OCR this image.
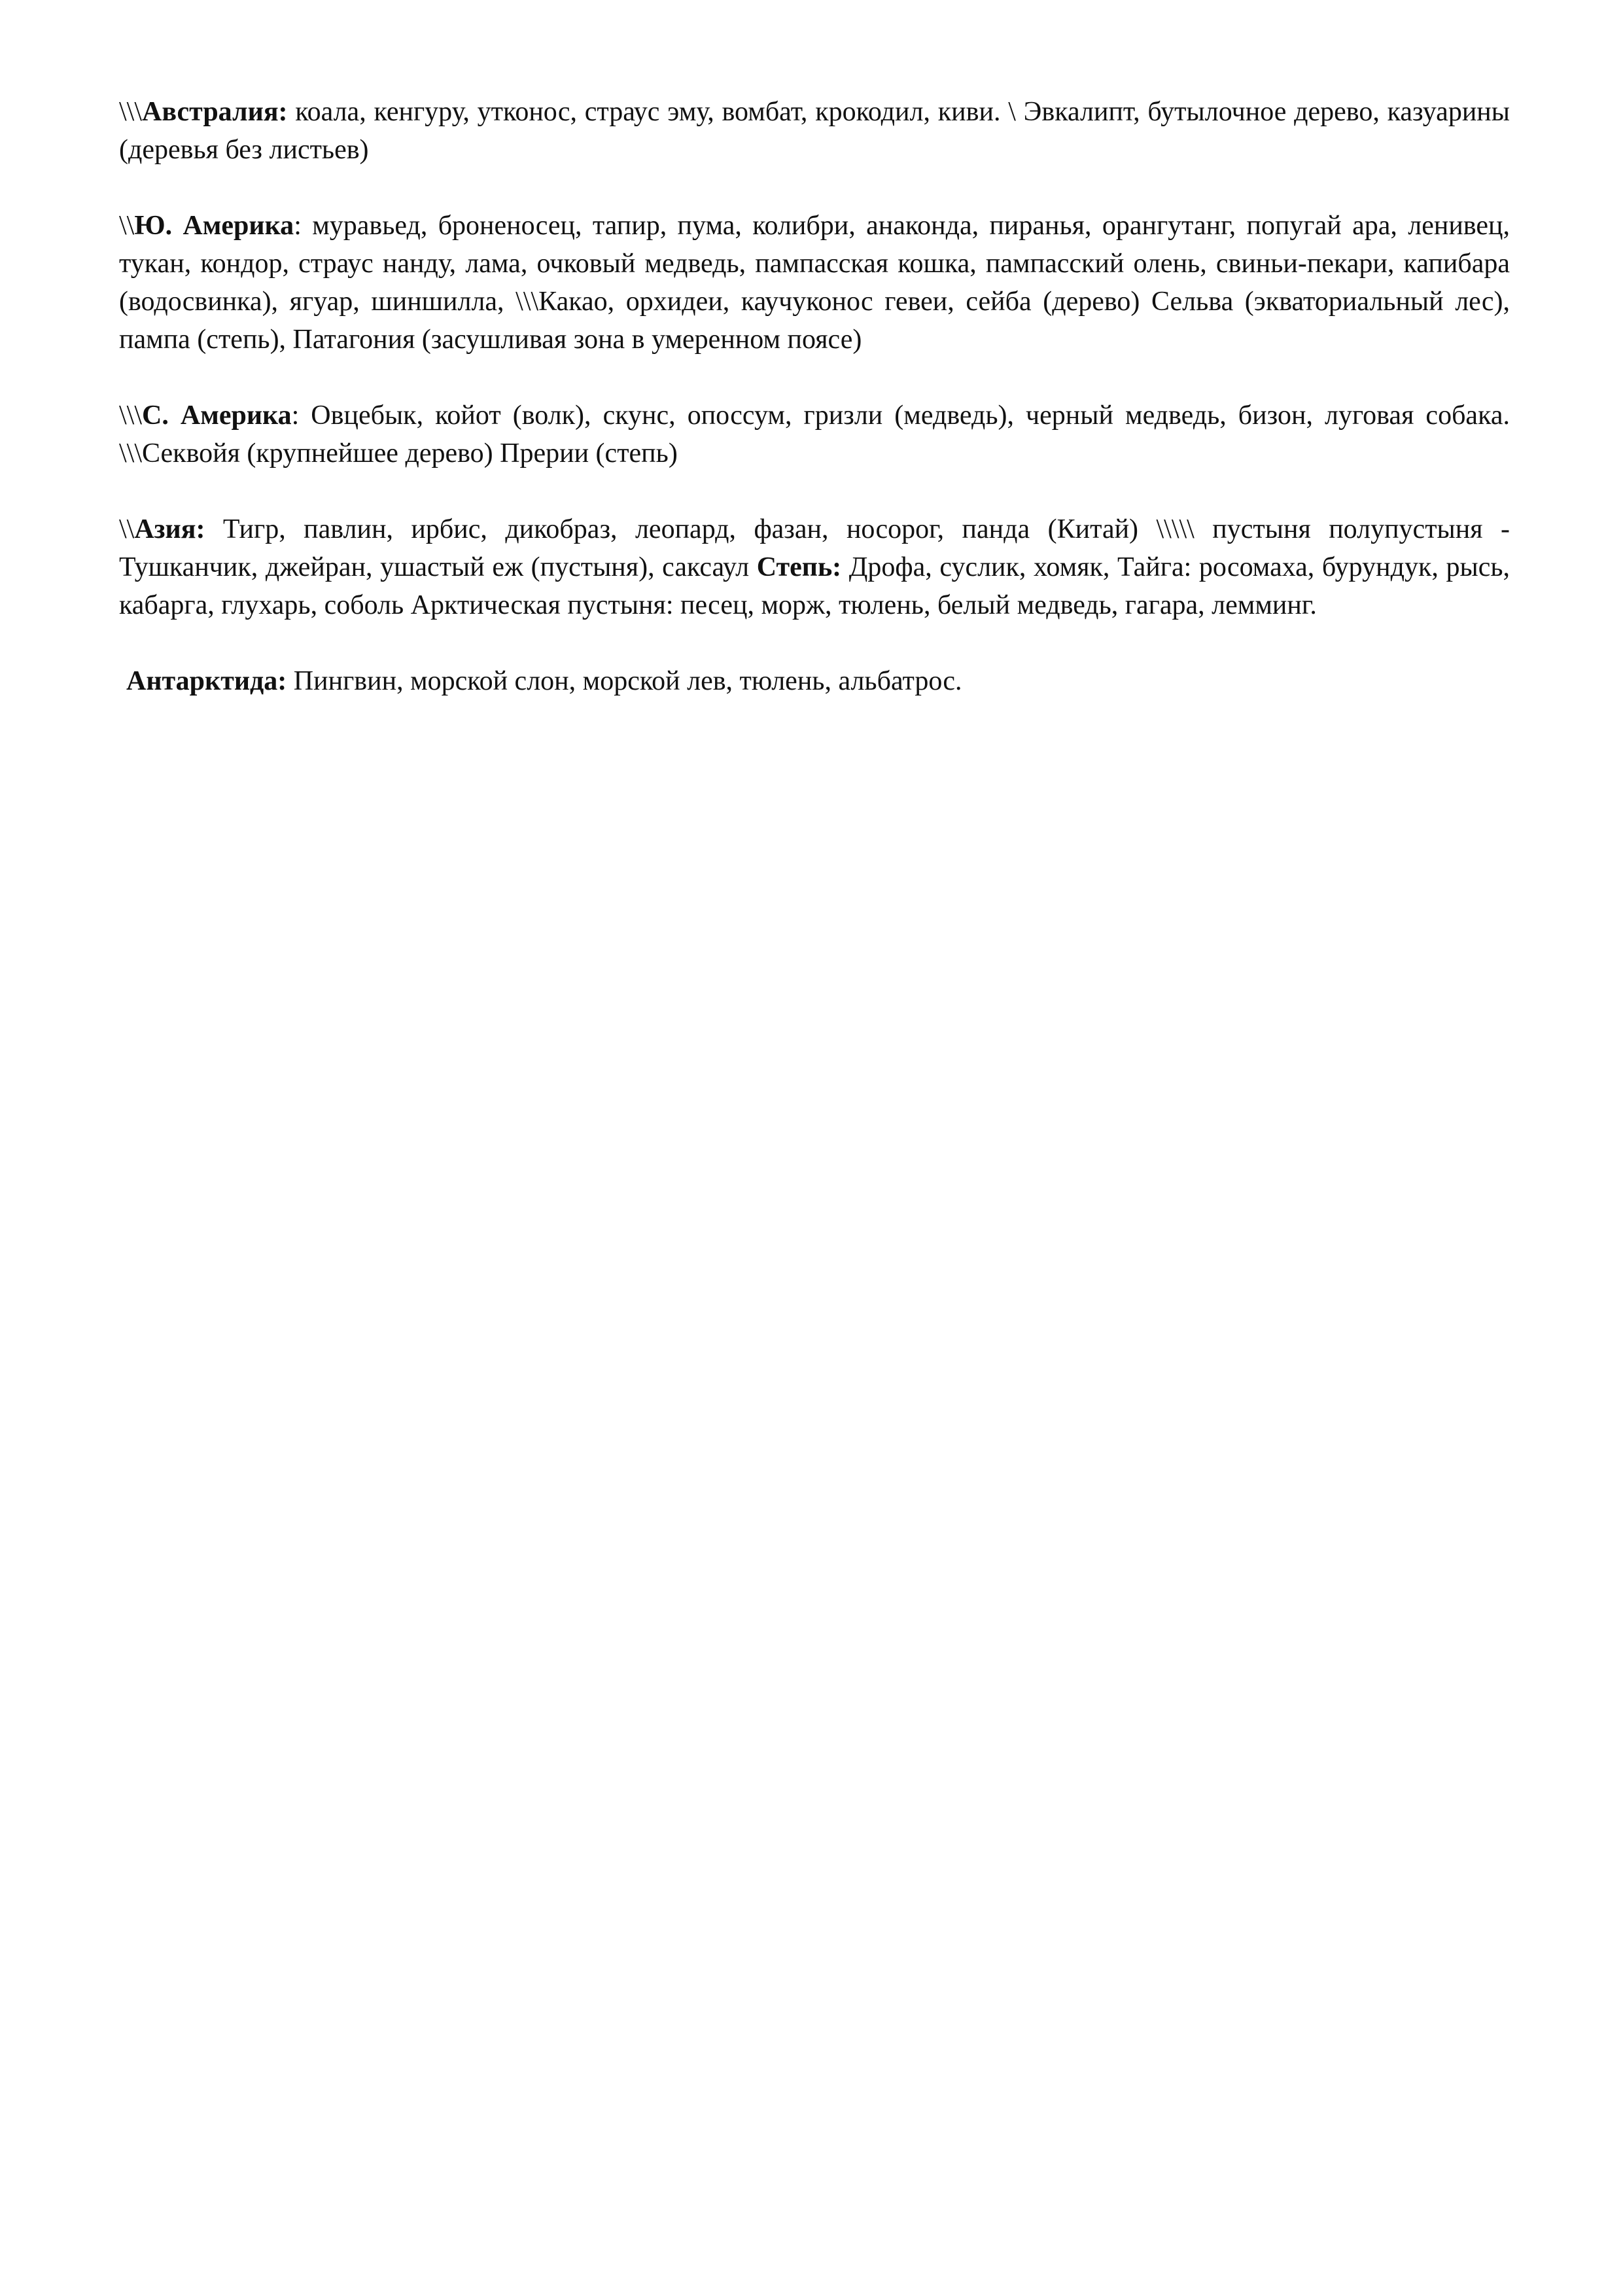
\\\Австралия: коала, кенгуру, утконос, страус эму, вомбат, крокодил, киви. \ Эвкалипт, бутылочное дерево, казуарины (деревья без листьев)

\\Ю. Америка: муравьед, броненосец, тапир, пума, колибри, анаконда, пиранья, орангутанг, попугай ара, ленивец, тукан, кондор, страус нанду, лама, очковый медведь, пампасская кошка, пампасский олень, свиньи-пекари, капибара (водосвинка), ягуар, шиншилла, \\\Какао, орхидеи, каучуконос гевеи, сейба (дерево) Сельва (экваториальный лес), пампа (степь), Патагония (засушливая зона в умеренном поясе)

\\\С. Америка: Овцебык, койот (волк), скунс, опоссум, гризли (медведь), черный медведь, бизон, луговая собака. \\\Секвойя (крупнейшее дерево) Прерии (степь)

\\Азия: Тигр, павлин, ирбис, дикобраз, леопард, фазан, носорог, панда (Китай) \\\\\ пустыня полупустыня - Тушканчик, джейран, ушастый еж (пустыня), саксаул Степь: Дрофа, суслик, хомяк, Тайга: росомаха, бурундук, рысь, кабарга, глухарь, соболь Арктическая пустыня: песец, морж, тюлень, белый медведь, гагара, лемминг.

Антарктида: Пингвин, морской слон, морской лев, тюлень, альбатрос.
